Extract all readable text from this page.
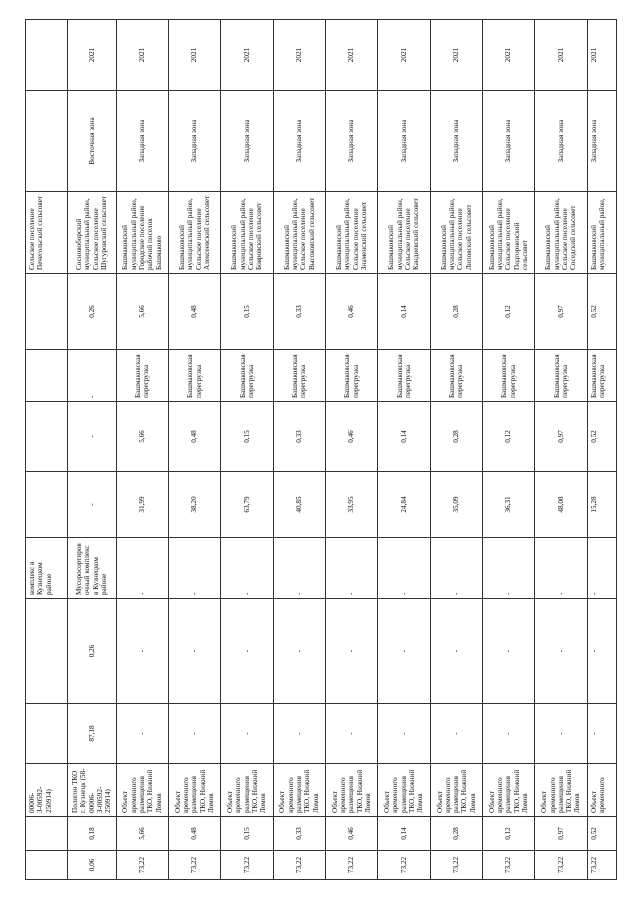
		00006-З-00592-250914)			комплекс в Кузнецком районе					Сельское поселение Печегольский сельсовет		
0,06	0,18	Полигон ТКО г. Кузнецк (58-00006-З-00592-250914)	87,18	0,26	Мусоросортировочный комплекс в Кузнецком районе	-	-	-	0,26	Сосновоборский муниципальный район, Сельское поселение Шугуровский сельсовет	Восточная зона	2021
73,22	5,66	Объект временного размещения ТКО, Нижний Ломов	-	-	-	31,99	5,66	Башмаковская перегрузка	5,66	Башмаковский муниципальный район, Городское поселение рабочий поселок Башмаково	Западная зона	2021
73,22	0,48	Объект временного размещения ТКО, Нижний Ломов	-	-	-	38,20	0,48	Башмаковская перегрузка	0,48	Башмаковский муниципальный район, Сельское поселение Алексеевский сельсовет	Западная зона	2021
73,22	0,15	Объект временного размещения ТКО, Нижний Ломов	-	-	-	63,79	0,15	Башмаковская перегрузка	0,15	Башмаковский муниципальный район, Сельское поселение Бояровский сельсовет	Западная зона	2021
73,22	0,33	Объект временного размещения ТКО, Нижний Ломов	-	-	-	40,85	0,33	Башмаковская перегрузка	0,33	Башмаковский муниципальный район, Сельское поселение Высоковский сельсовет	Западная зона	2021
73,22	0,46	Объект временного размещения ТКО, Нижний Ломов	-	-	-	33,95	0,46	Башмаковская перегрузка	0,46	Башмаковский муниципальный район, Сельское поселение Знаменский сельсовет	Западная зона	2021
73,22	0,14	Объект временного размещения ТКО, Нижний Ломов	-	-	-	24,84	0,14	Башмаковская перегрузка	0,14	Башмаковский муниципальный район, Сельское поселение Кандиевский сельсовет	Западная зона	2021
73,22	0,28	Объект временного размещения ТКО, Нижний Ломов	-	-	-	35,09	0,28	Башмаковская перегрузка	0,28	Башмаковский муниципальный район, Сельское поселение Липовский сельсовет	Западная зона	2021
73,22	0,12	Объект временного размещения ТКО, Нижний Ломов	-	-	-	36,31	0,12	Башмаковская перегрузка	0,12	Башмаковский муниципальный район, Сельское поселение Подгорненский сельсовет	Западная зона	2021
73,22	0,97	Объект временного размещения ТКО, Нижний Ломов	-	-	-	48,08	0,97	Башмаковская перегрузка	0,97	Башмаковский муниципальный район, Сельское поселение Соседский сельсовет	Западная зона	2021
73,22	0,52	Объект временного	-	-	-	15,28	0,52	Башмаковская перегрузка	0,52	Башмаковский муниципальный район,	Западная зона	2021
